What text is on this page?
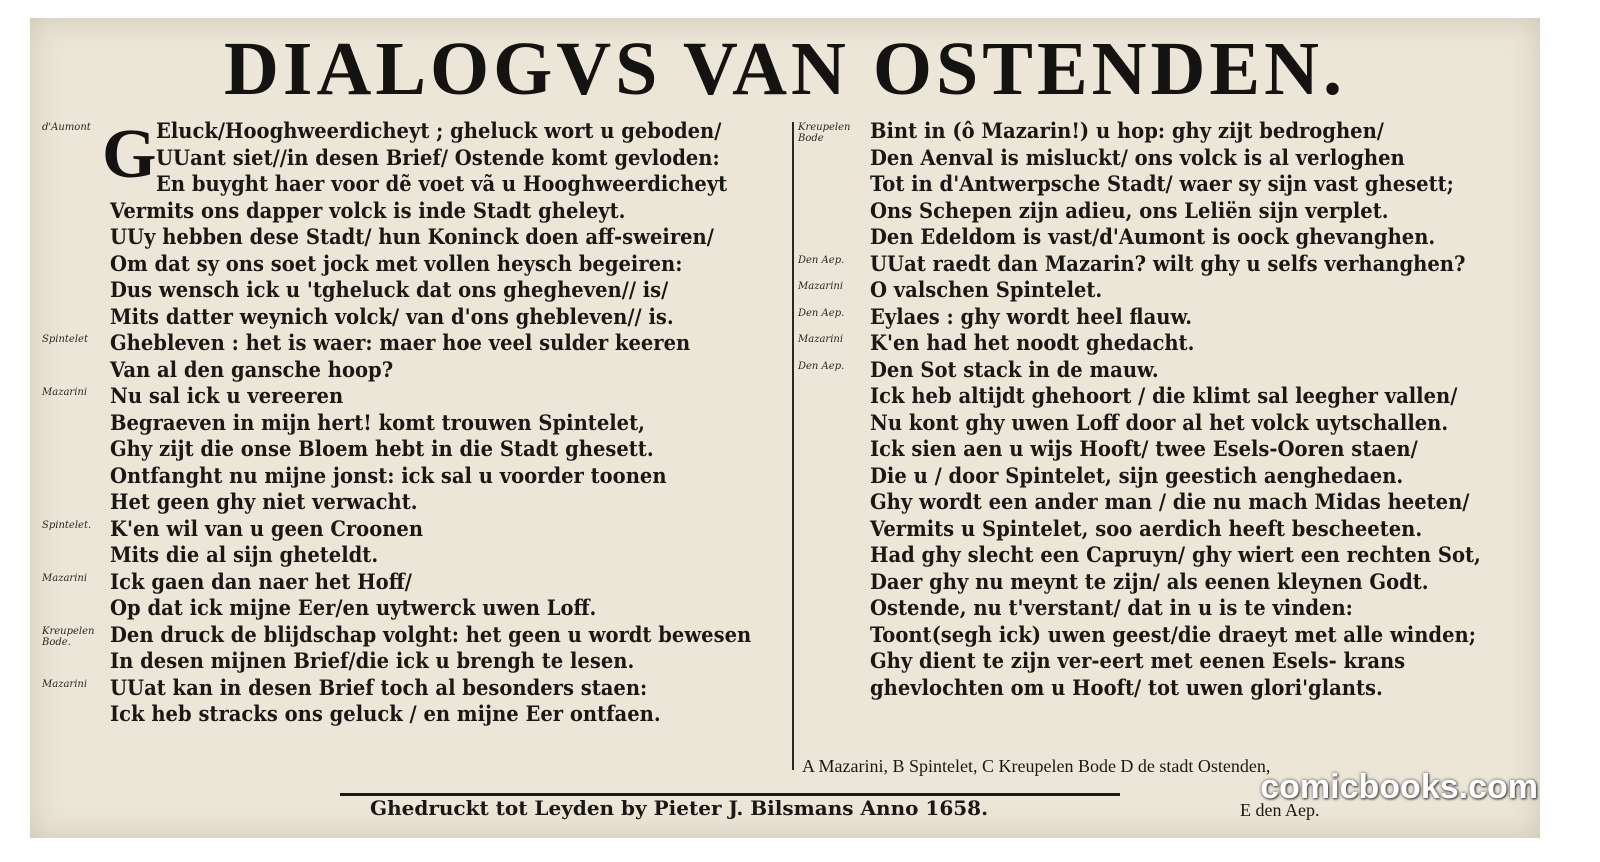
DIALOGVS VAN OSTENDEN.
G
d'Aumont	Eluck/Hooghweerdicheyt ; gheluck wort u geboden/
UUant siet//in desen Brief/ Ostende komt gevloden:
En buyght haer voor dẽ voet vã u Hooghweerdicheyt
Vermits ons dapper volck is inde Stadt gheleyt.
UUy hebben dese Stadt/ hun Koninck doen aff-sweiren/
Om dat sy ons soet jock met vollen heysch begeiren:
Dus wensch ick u 'tgheluck dat ons ghegheven// is/
Mits datter weynich volck/ van d'ons ghebleven// is.
Spintelet	Ghebleven : het is waer: maer hoe veel sulder keeren
Van al den gansche hoop?
Mazarini	Nu sal ick u vereeren
Begraeven in mijn hert! komt trouwen Spintelet,
Ghy zijt die onse Bloem hebt in die Stadt ghesett.
Ontfanght nu mijne jonst: ick sal u voorder toonen
Het geen ghy niet verwacht.
Spintelet. K'en wil van u geen Croonen
Mits die al sijn gheteldt.
Mazarini	Ick gaen dan naer het Hoff/
Op dat ick mijne Eer/en uytwerck uwen Loff.
Kreupelen Bode.	Den druck de blijdschap volght: het geen u wordt bewesen
In desen mijnen Brief/die ick u brengh te lesen.
Mazarini	UUat kan in desen Brief toch al besonders staen:
Ick heb stracks ons geluck / en mijne Eer ontfaen.
Kreupelen Bode	Bint in (ô Mazarin!) u hop: ghy zijt bedroghen/
Den Aenval is misluckt/ ons volck is al verloghen
Tot in d'Antwerpsche Stadt/ waer sy sijn vast ghesett;
Ons Schepen zijn adieu, ons Leliën sijn verplet.
Den Edeldom is vast/d'Aumont is oock ghevanghen.
Den Aep.	UUat raedt dan Mazarin? wilt ghy u selfs verhanghen?
Mazarini	O valschen Spintelet.
Den Aep.	Eylaes : ghy wordt heel flauw.
Mazarini	K'en had het noodt ghedacht.
Den Aep.	Den Sot stack in de mauw.
Ick heb altijdt ghehoort / die klimt sal leegher vallen/
Nu kont ghy uwen Loff door al het volck uytschallen.
Ick sien aen u wijs Hooft/ twee Esels-Ooren staen/
Die u / door Spintelet, sijn geestich aenghedaen.
Ghy wordt een ander man / die nu mach Midas heeten/
Vermits u Spintelet, soo aerdich heeft bescheeten.
Had ghy slecht een Capruyn/ ghy wiert een rechten Sot,
Daer ghy nu meynt te zijn/ als eenen kleynen Godt.
Ostende, nu t'verstant/ dat in u is te vinden:
Toont(segh ick) uwen geest/die draeyt met alle winden;
Ghy dient te zijn ver-eert met eenen Esels- krans
ghevlochten om u Hooft/ tot uwen glori'glants.
A Mazarini, B Spintelet, C Kreupelen Bode D de stadt Ostenden,
E den Aep.
Ghedruckt tot Leyden by Pieter J. Bilsmans Anno 1658.
comicbooks.com
